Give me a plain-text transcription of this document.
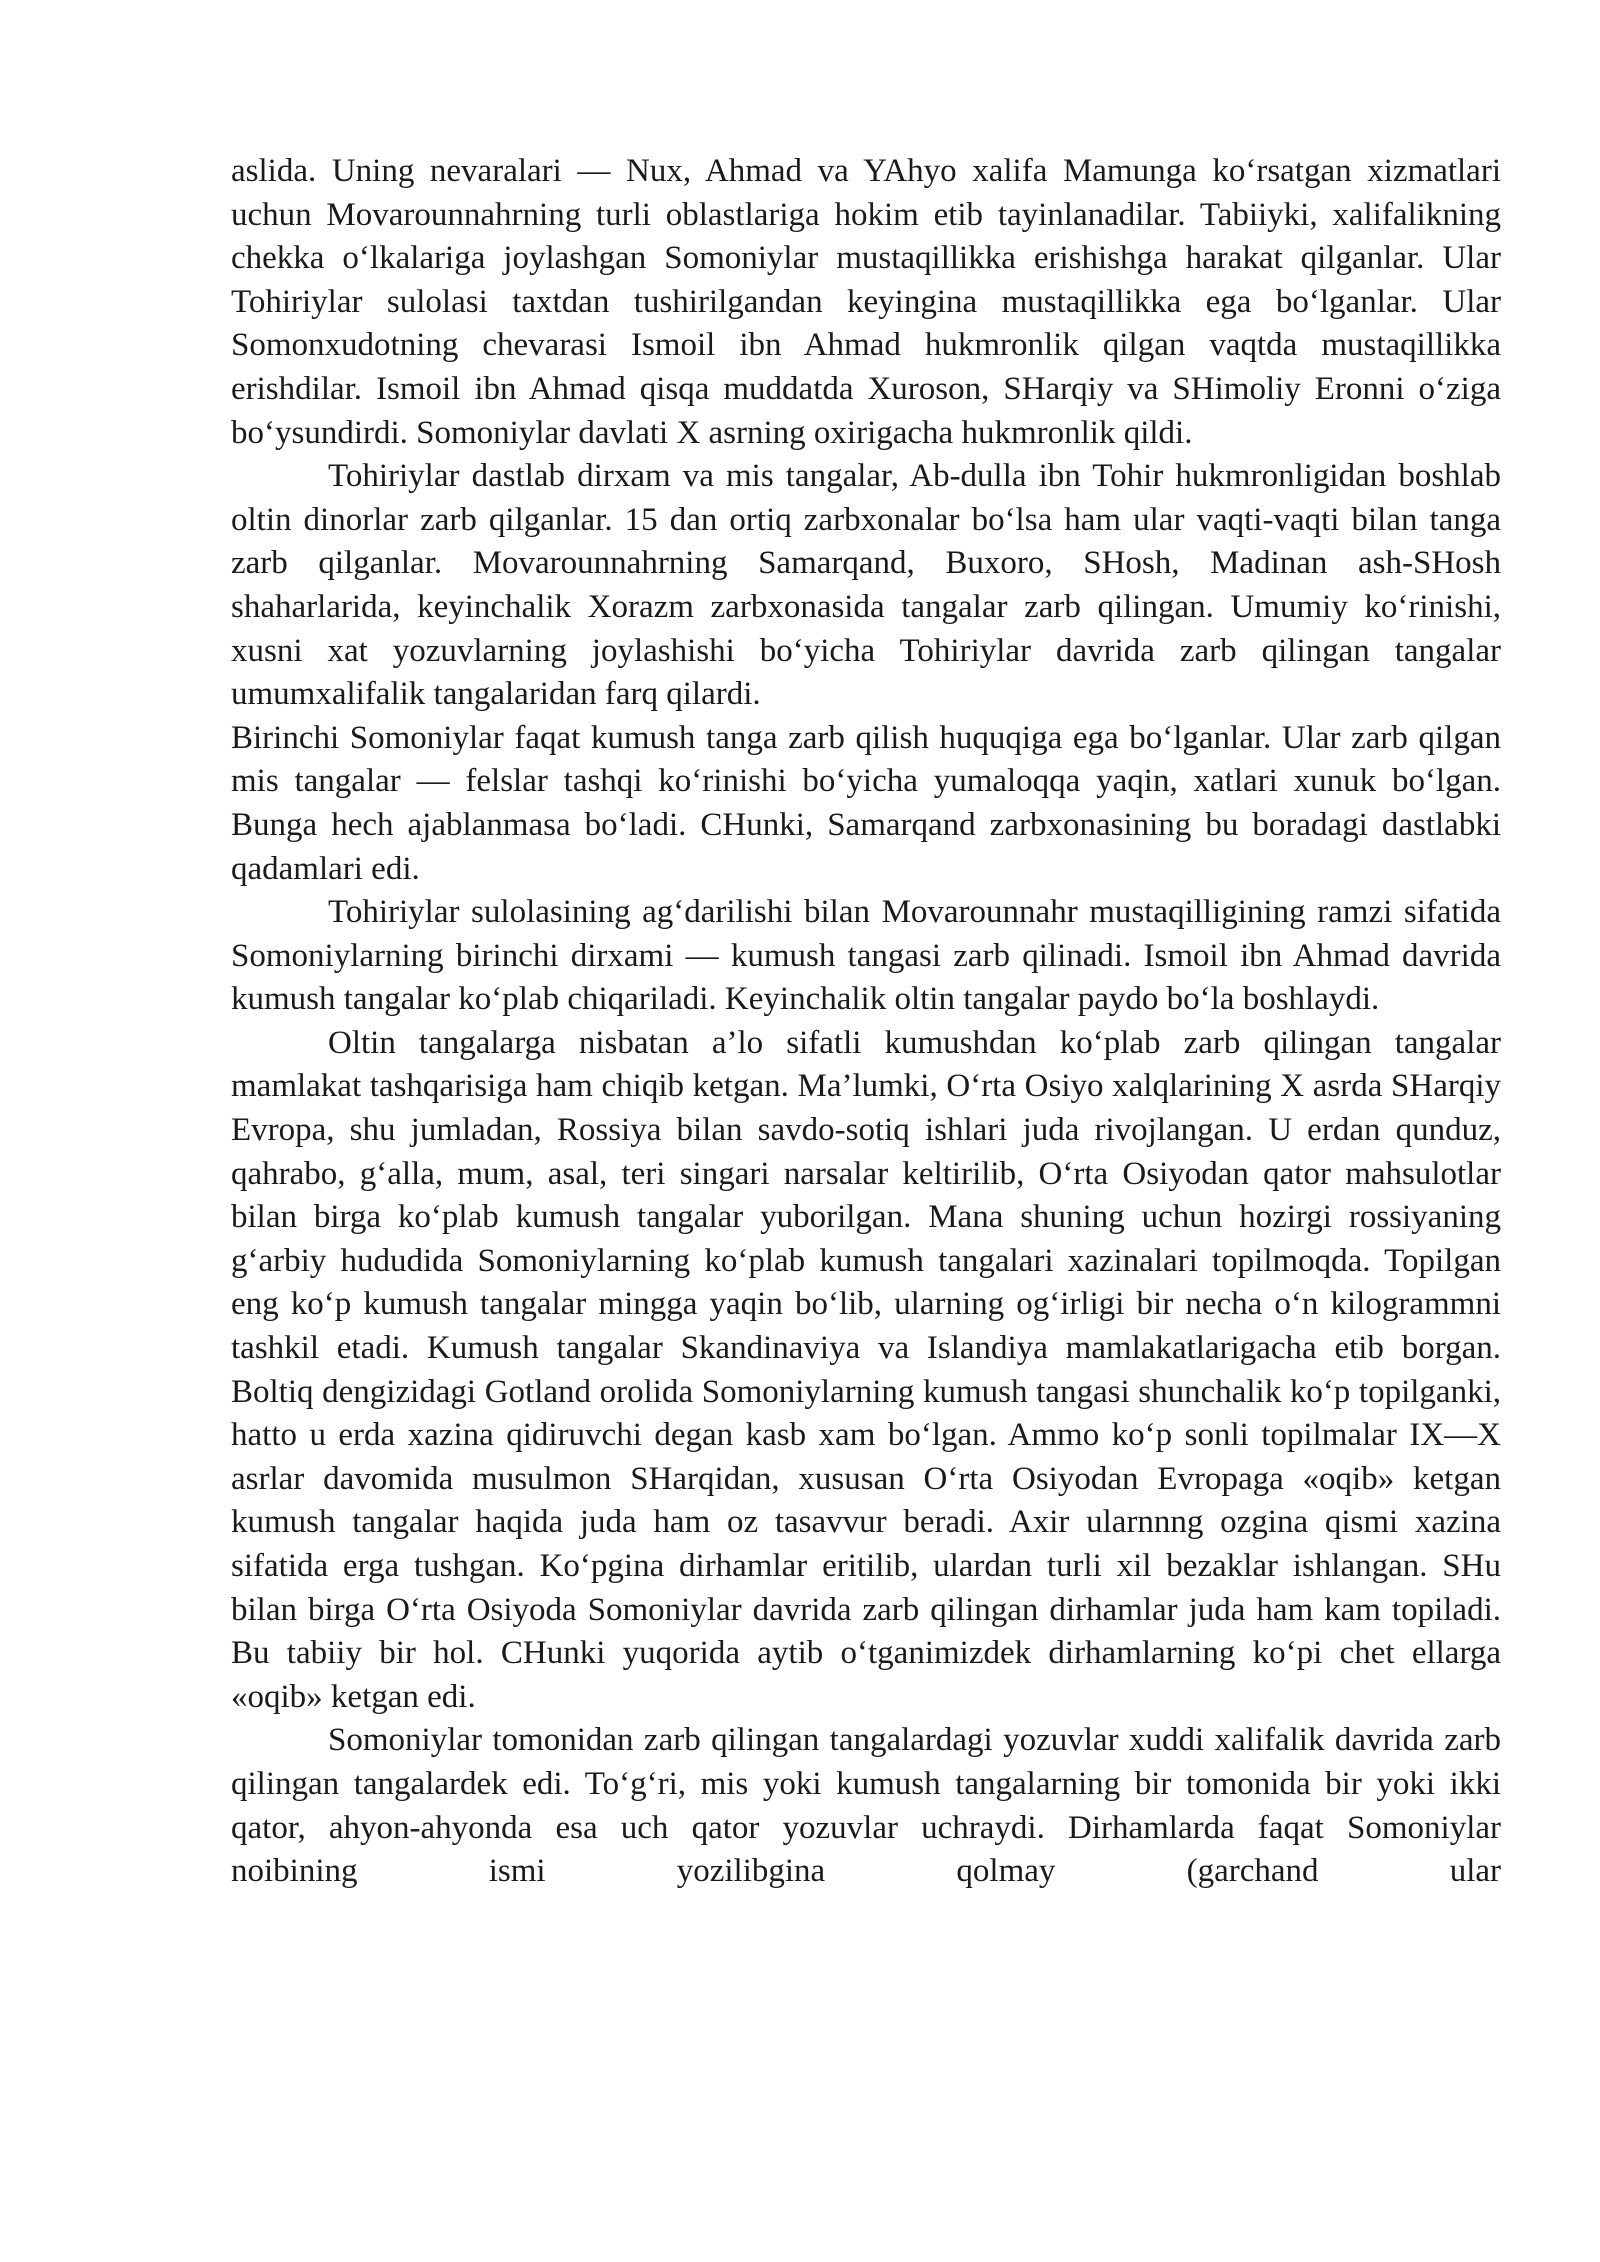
aslida. Uning nevaralari — Nux, Ahmad va YAhyo xalifa Mamunga koʻrsatgan xizmatlari uchun Movarounnahrning turli oblastlariga hokim etib tayinlanadilar. Tabiiyki, xalifalikning chekka oʻlkalariga joylashgan Somoniylar mustaqillikka erishishga harakat qilganlar. Ular Tohiriylar sulolasi taxtdan tushirilgandan keyingina mustaqillikka ega boʻlganlar. Ular Somonxudotning chevarasi Ismoil ibn Ahmad hukmronlik qilgan vaqtda mustaqillikka erishdilar. Ismoil ibn Ahmad qisqa muddatda Xuroson, SHarqiy va SHimoliy Eronni oʻziga boʻysundirdi. Somoniylar davlati X asrning oxirigacha hukmronlik qildi.

Tohiriylar dastlab dirxam va mis tangalar, Ab-dulla ibn Tohir hukmronligidan boshlab oltin dinorlar zarb qilganlar. 15 dan ortiq zarbxonalar boʻlsa ham ular vaqti-vaqti bilan tanga zarb qilganlar. Movarounnahrning Samarqand, Buxoro, SHosh, Madinan ash-SHosh shaharlarida, keyinchalik Xorazm zarbxonasida tangalar zarb qilingan. Umumiy koʻrinishi, xusni xat yozuvlarning joylashishi boʻyicha Tohiriylar davrida zarb qilingan tangalar umumxalifalik tangalaridan farq qilardi.

Birinchi Somoniylar faqat kumush tanga zarb qilish huquqiga ega boʻlganlar. Ular zarb qilgan mis tangalar — felslar tashqi koʻrinishi boʻyicha yumaloqqa yaqin, xatlari xunuk boʻlgan. Bunga hech ajablanmasa boʻladi. CHunki, Samarqand zarbxonasining bu boradagi dastlabki qadamlari edi.

Tohiriylar sulolasining agʻdarilishi bilan Movarounnahr mustaqilligining ramzi sifatida Somoniylarning birinchi dirxami — kumush tangasi zarb qilinadi. Ismoil ibn Ahmad davrida kumush tangalar koʻplab chiqariladi. Keyinchalik oltin tangalar paydo boʻla boshlaydi.

Oltin tangalarga nisbatan a’lo sifatli kumushdan koʻplab zarb qilingan tangalar mamlakat tashqarisiga ham chiqib ketgan. Ma’lumki, Oʻrta Osiyo xalqlarining X asrda SHarqiy Evropa, shu jumladan, Rossiya bilan savdo-sotiq ishlari juda rivojlangan. U erdan qunduz, qahrabo, gʻalla, mum, asal, teri singari narsalar keltirilib, Oʻrta Osiyodan qator mahsulotlar bilan birga koʻplab kumush tangalar yuborilgan. Mana shuning uchun hozirgi rossiyaning gʻarbiy hududida Somoniylarning koʻplab kumush tangalari xazinalari topilmoqda. Topilgan eng koʻp kumush tangalar mingga yaqin boʻlib, ularning ogʻirligi bir necha oʻn kilogrammni tashkil etadi. Kumush tangalar Skandinaviya va Islandiya mamlakatlarigacha etib borgan. Boltiq dengizidagi Gotland orolida Somoniylarning kumush tangasi shunchalik koʻp topilganki, hatto u erda xazina qidiruvchi degan kasb xam boʻlgan. Ammo koʻp sonli topilmalar IX—X asrlar davomida musulmon SHarqidan, xususan Oʻrta Osiyodan Evropaga «oqib» ketgan kumush tangalar haqida juda ham oz tasavvur beradi. Axir ularnnng ozgina qismi xazina sifatida erga tushgan. Koʻpgina dirhamlar eritilib, ulardan turli xil bezaklar ishlangan. SHu bilan birga Oʻrta Osiyoda Somoniylar davrida zarb qilingan dirhamlar juda ham kam topiladi. Bu tabiiy bir hol. CHunki yuqorida aytib oʻtganimizdek dirhamlarning koʻpi chet ellarga «oqib» ketgan edi.

Somoniylar tomonidan zarb qilingan tangalardagi yozuvlar xuddi xalifalik davrida zarb qilingan tangalardek edi. Toʻgʻri, mis yoki kumush tangalarning bir tomonida bir yoki ikki qator, ahyon-ahyonda esa uch qator yozuvlar uchraydi. Dirhamlarda faqat Somoniylar noibining ismi yozilibgina qolmay (garchand ular
